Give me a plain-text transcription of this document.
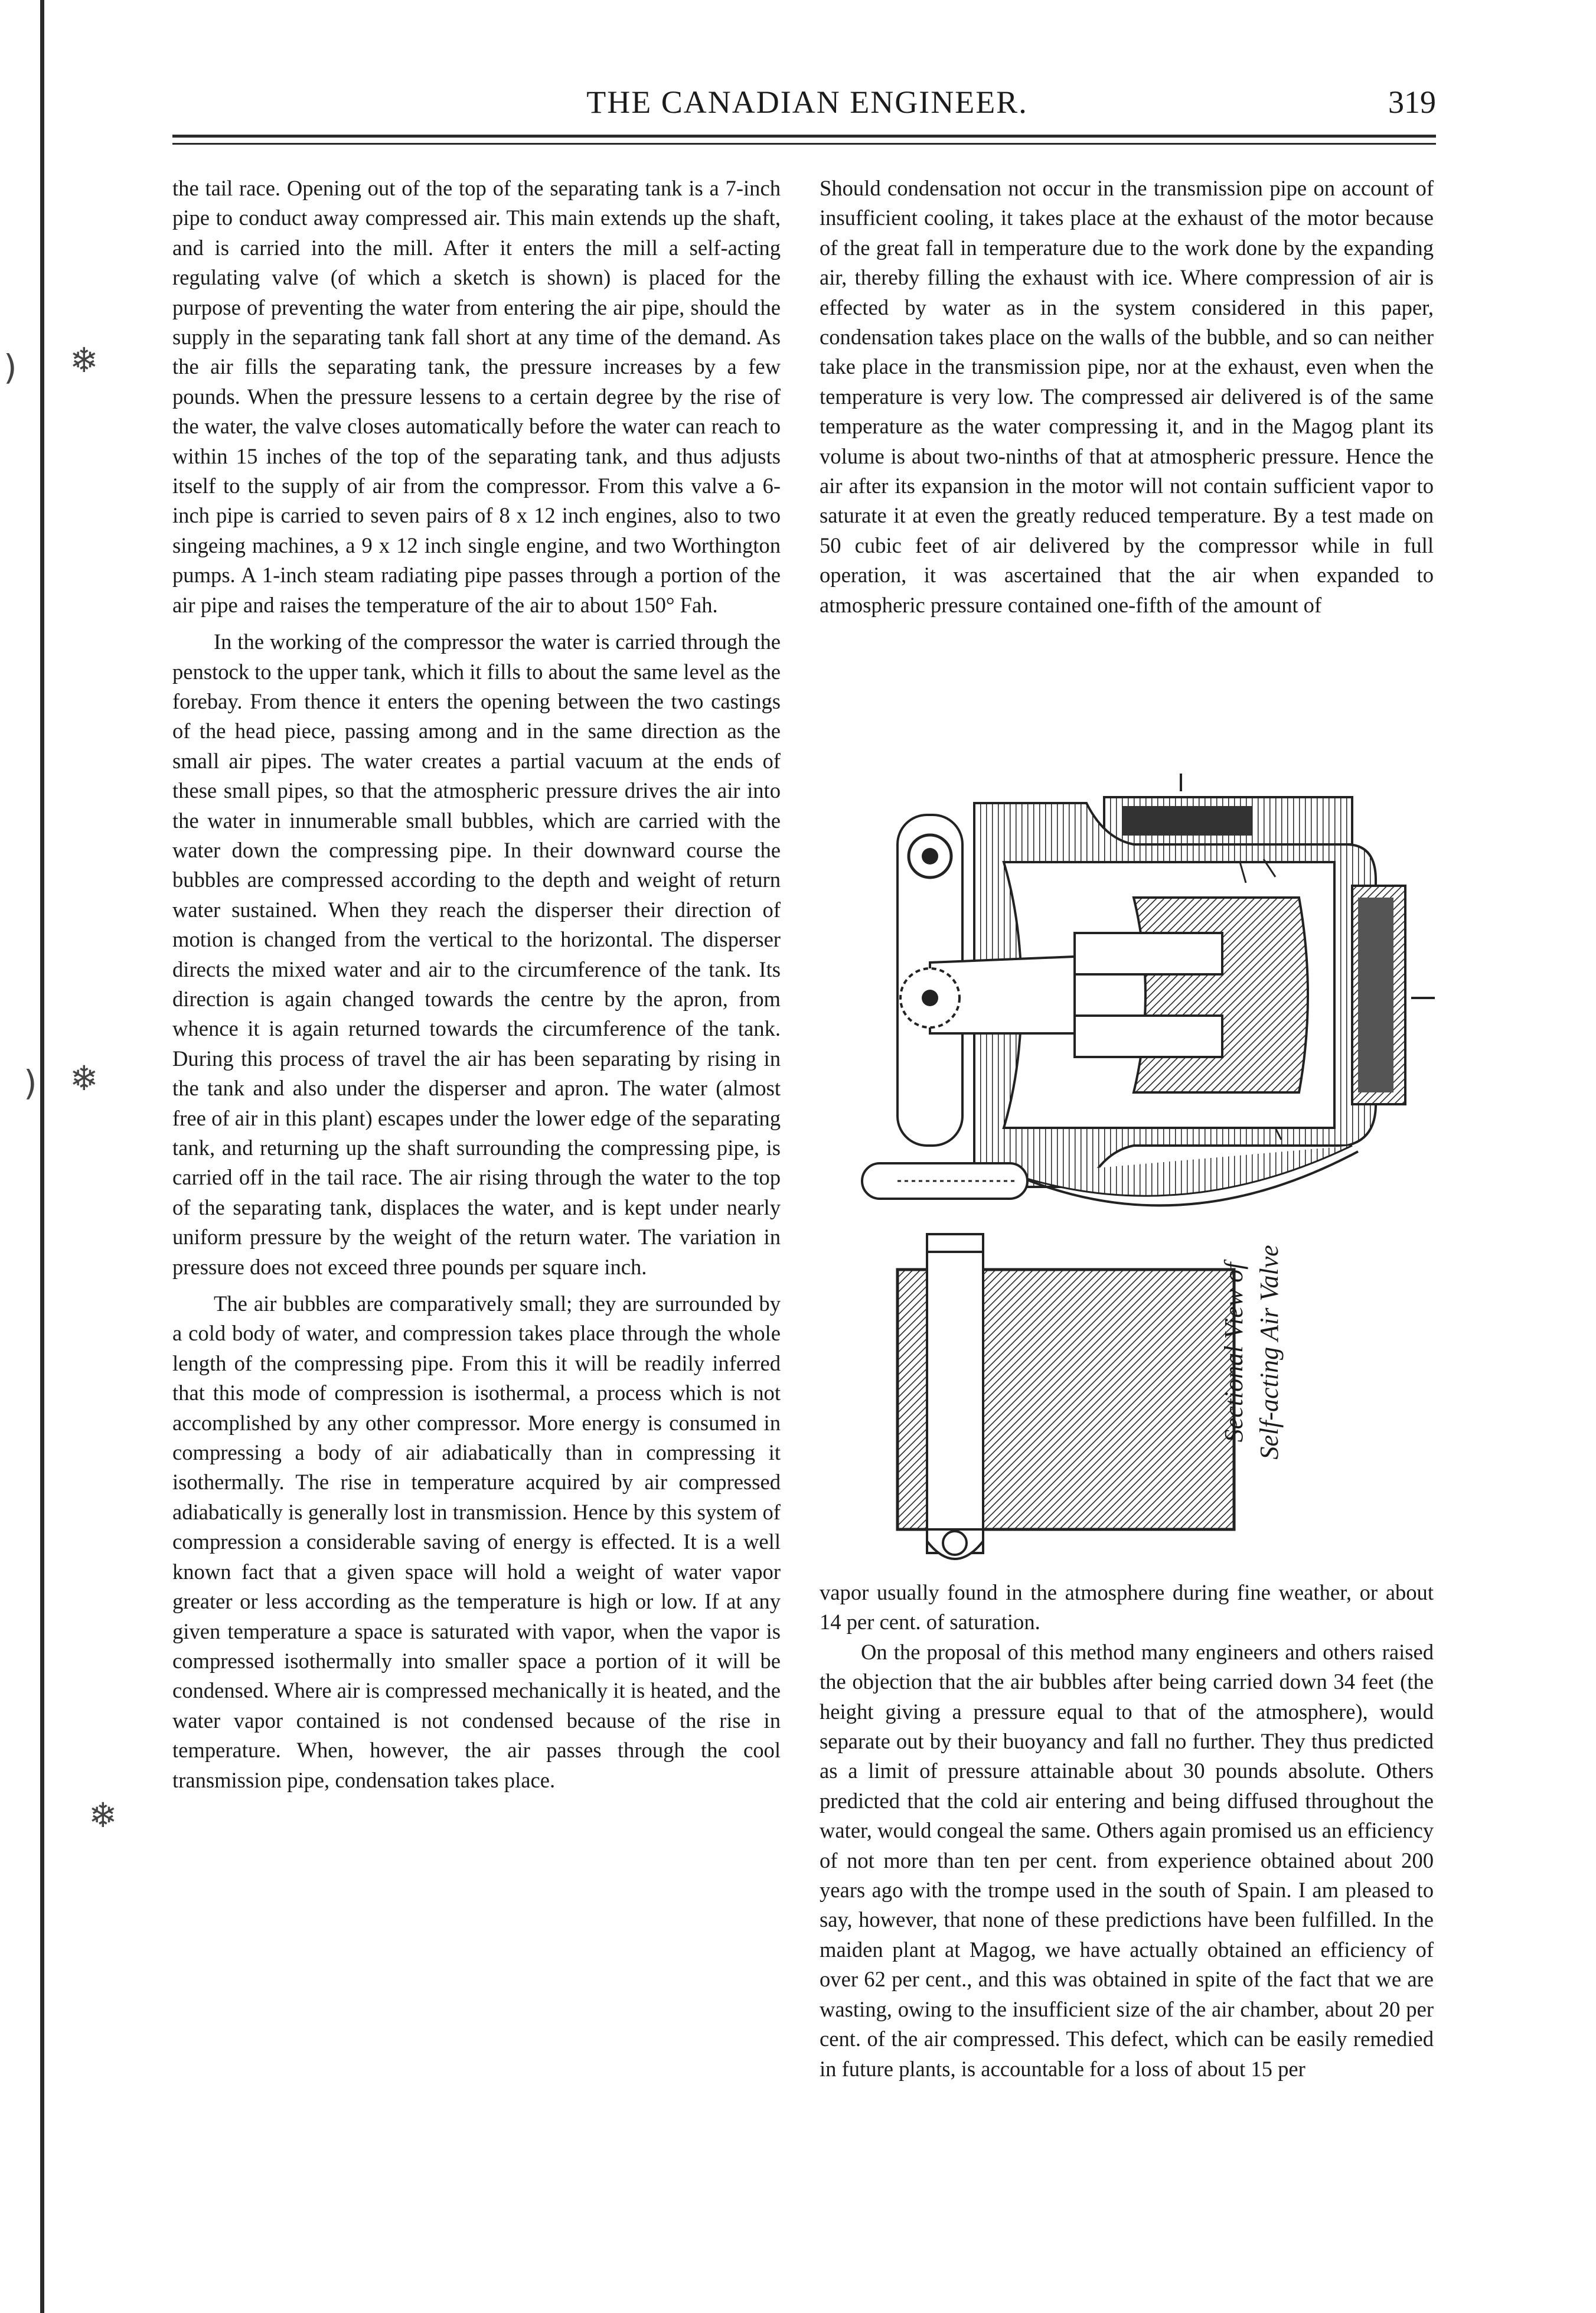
) ❄
) ❄
❄
THE CANADIAN ENGINEER.	319

the tail race. Opening out of the top of the separating tank is a 7-inch pipe to conduct away compressed air. This main extends up the shaft, and is carried into the mill. After it enters the mill a self-acting regulating valve (of which a sketch is shown) is placed for the purpose of preventing the water from entering the air pipe, should the supply in the separating tank fall short at any time of the demand. As the air fills the separating tank, the pressure increases by a few pounds. When the pressure lessens to a certain degree by the rise of the water, the valve closes automatically before the water can reach to within 15 inches of the top of the separating tank, and thus adjusts itself to the supply of air from the compressor. From this valve a 6-inch pipe is carried to seven pairs of 8 x 12 inch engines, also to two singeing machines, a 9 x 12 inch single engine, and two Worthington pumps. A 1-inch steam radiating pipe passes through a portion of the air pipe and raises the temperature of the air to about 150° Fah.

In the working of the compressor the water is carried through the penstock to the upper tank, which it fills to about the same level as the forebay. From thence it enters the opening between the two castings of the head piece, passing among and in the same direction as the small air pipes. The water creates a partial vacuum at the ends of these small pipes, so that the atmospheric pressure drives the air into the water in innumerable small bubbles, which are carried with the water down the compressing pipe. In their downward course the bubbles are compressed according to the depth and weight of return water sustained. When they reach the disperser their direction of motion is changed from the vertical to the horizontal. The disperser directs the mixed water and air to the circumference of the tank. Its direction is again changed towards the centre by the apron, from whence it is again returned towards the circumference of the tank. During this process of travel the air has been separating by rising in the tank and also under the disperser and apron. The water (almost free of air in this plant) escapes under the lower edge of the separating tank, and returning up the shaft surrounding the compressing pipe, is carried off in the tail race. The air rising through the water to the top of the separating tank, displaces the water, and is kept under nearly uniform pressure by the weight of the return water. The variation in pressure does not exceed three pounds per square inch.

The air bubbles are comparatively small; they are surrounded by a cold body of water, and compression takes place through the whole length of the compressing pipe. From this it will be readily inferred that this mode of compression is isothermal, a process which is not accomplished by any other compressor. More energy is consumed in compressing a body of air adiabatically than in compressing it isothermally. The rise in temperature acquired by air compressed adiabatically is generally lost in transmission. Hence by this system of compression a considerable saving of energy is effected. It is a well known fact that a given space will hold a weight of water vapor greater or less according as the temperature is high or low. If at any given temperature a space is saturated with vapor, when the vapor is compressed isothermally into smaller space a portion of it will be condensed. Where air is compressed mechanically it is heated, and the water vapor contained is not condensed because of the rise in temperature. When, however, the air passes through the cool transmission pipe, condensation takes place.

Should condensation not occur in the transmission pipe on account of insufficient cooling, it takes place at the exhaust of the motor because of the great fall in temperature due to the work done by the expanding air, thereby filling the exhaust with ice. Where compression of air is effected by water as in the system considered in this paper, condensation takes place on the walls of the bubble, and so can neither take place in the transmission pipe, nor at the exhaust, even when the temperature is very low. The compressed air delivered is of the same temperature as the water compressing it, and in the Magog plant its volume is about two-ninths of that at atmospheric pressure. Hence the air after its expansion in the motor will not contain sufficient vapor to saturate it at even the greatly reduced temperature. By a test made on 50 cubic feet of air delivered by the compressor while in full operation, it was ascertained that the air when expanded to atmospheric pressure contained one-fifth of the amount of

Sectional View of Self-acting Air Valve

vapor usually found in the atmosphere during fine weather, or about 14 per cent. of saturation.

On the proposal of this method many engineers and others raised the objection that the air bubbles after being carried down 34 feet (the height giving a pressure equal to that of the atmosphere), would separate out by their buoyancy and fall no further. They thus predicted as a limit of pressure attainable about 30 pounds absolute. Others predicted that the cold air entering and being diffused throughout the water, would congeal the same. Others again promised us an efficiency of not more than ten per cent. from experience obtained about 200 years ago with the trompe used in the south of Spain. I am pleased to say, however, that none of these predictions have been fulfilled. In the maiden plant at Magog, we have actually obtained an efficiency of over 62 per cent., and this was obtained in spite of the fact that we are wasting, owing to the insufficient size of the air chamber, about 20 per cent. of the air compressed. This defect, which can be easily remedied in future plants, is accountable for a loss of about 15 per
